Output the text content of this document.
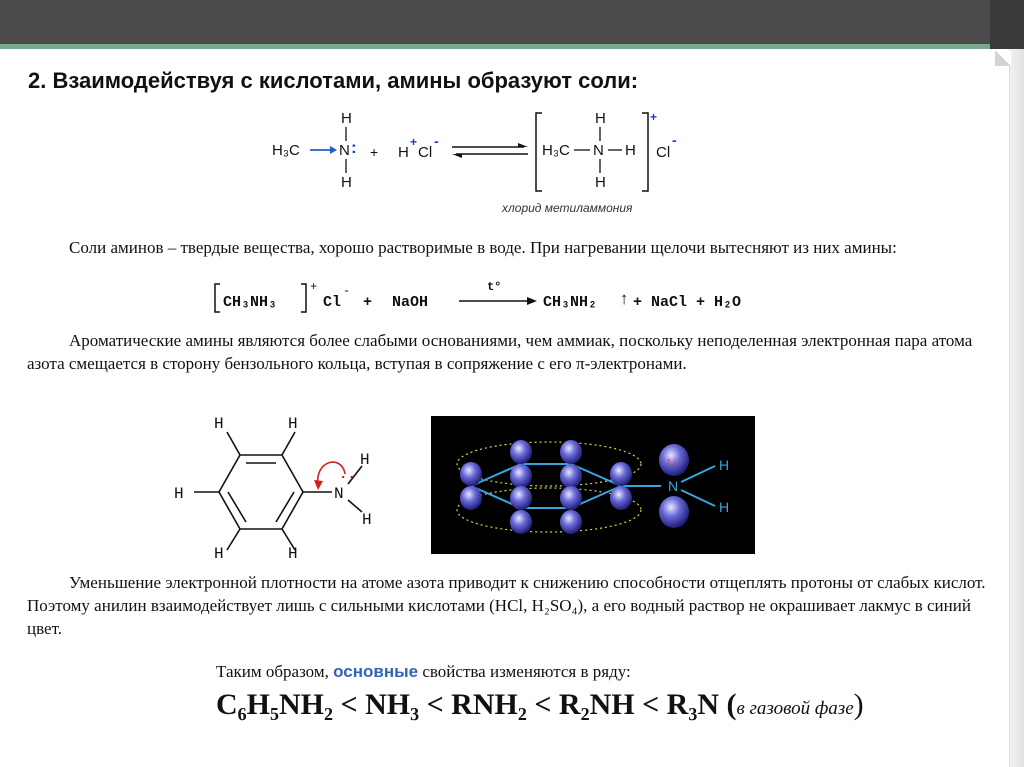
2. Взаимодействуя с кислотами, амины образуют соли:
H
H₃C	N :
H
+ H
+
Cl
-
H
H₃C N H
H
+
Cl
-
хлорид метиламмония

Соли аминов – твердые вещества, хорошо растворимые в воде. При нагревании щелочи вытесняют из них амины:

CH₃NH₃
+
Cl
-
+ NaOH
t°
CH₃NH₂ ↑ + NaCl + H₂O

Ароматические амины являются более слабыми основаниями, чем аммиак, поскольку неподеленная электронная пара атома азота смещается в сторону бензольного кольца, вступая в сопряжение с его π-электронами.

H	H
H
H	H
N
··
H
H
↑↓
N
H
H

Уменьшение электронной плотности на атоме азота приводит к снижению способности отщеплять протоны от слабых кислот. Поэтому анилин взаимодействует лишь с сильными кислотами (HCl, H₂SO₄), а его водный раствор не окрашивает лакмус в синий цвет.

Таким образом, основные свойства изменяются в ряду:

C₆H₅NH₂ < NH₃ < RNH₂ < R₂NH < R₃N (в газовой фазе)
